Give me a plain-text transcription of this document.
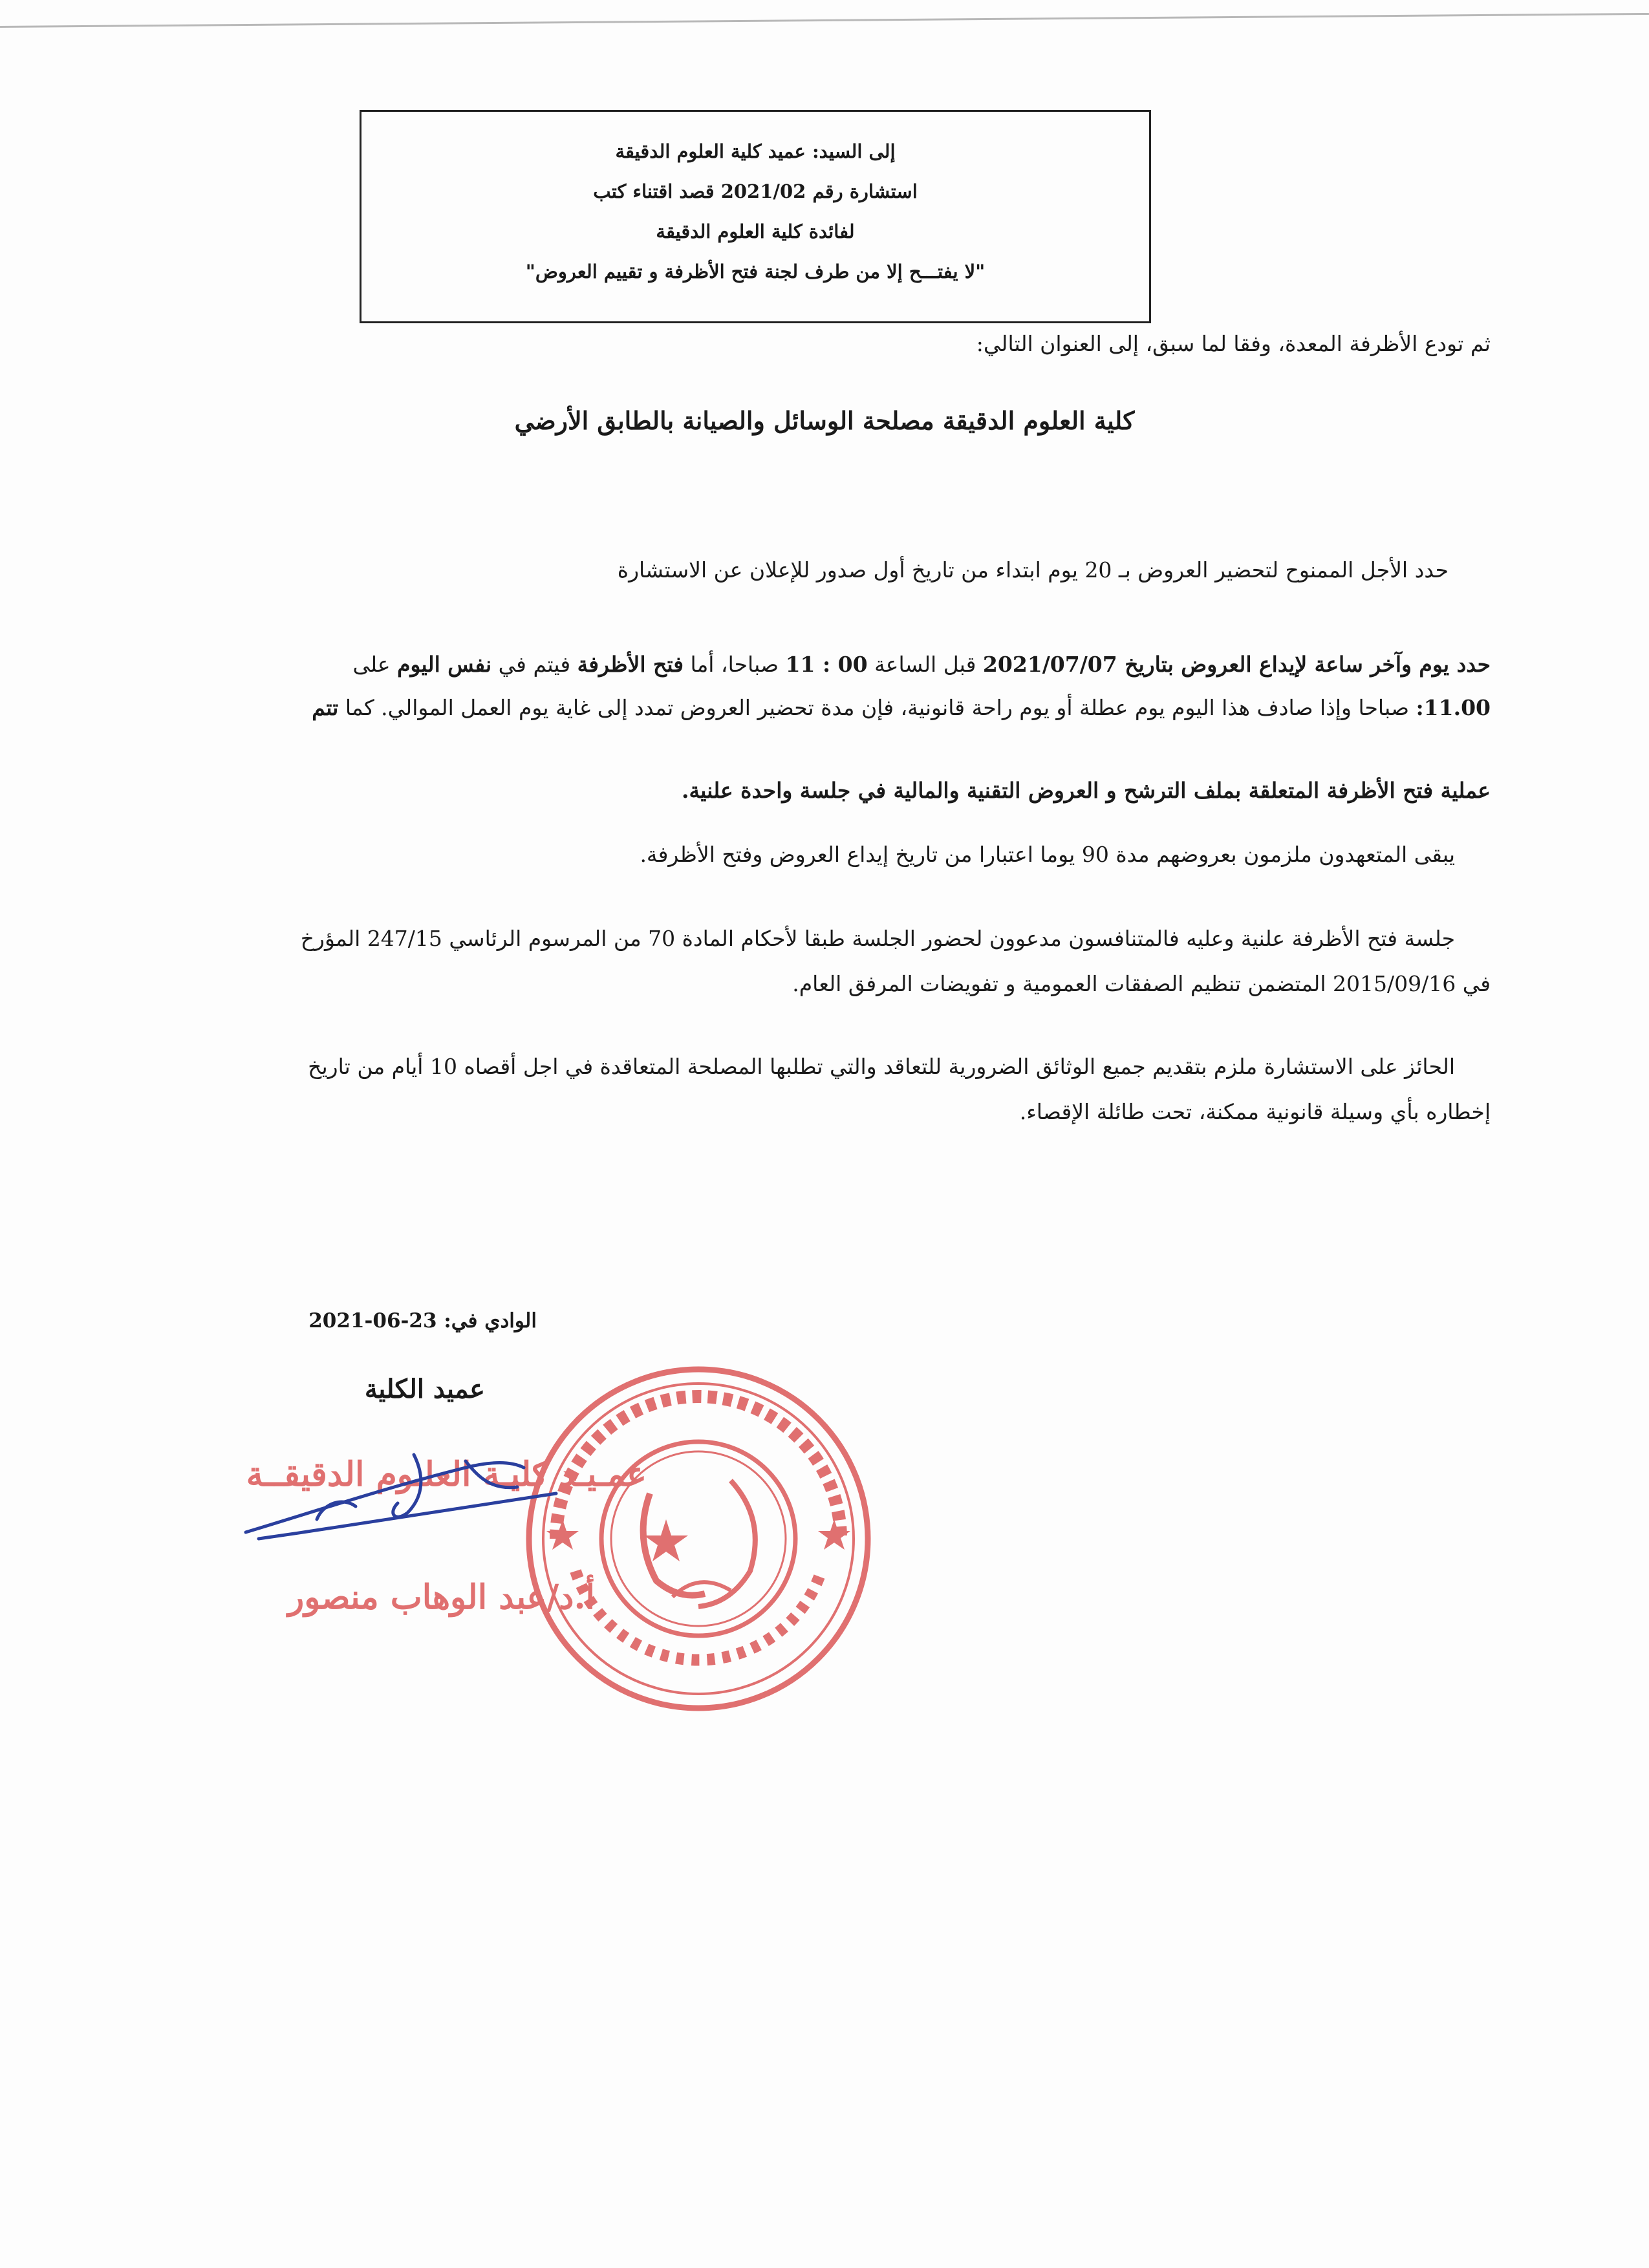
إلى السيد: عميد كلية العلوم الدقيقة
استشارة رقم 2021/02 قصد اقتناء كتب
لفائدة كلية العلوم الدقيقة
"لا يفتـــح إلا من طرف لجنة فتح الأظرفة و تقييم العروض"
ثم تودع الأظرفة المعدة، وفقا لما سبق، إلى العنوان التالي:
كلية العلوم الدقيقة مصلحة الوسائل والصيانة بالطابق الأرضي
حدد الأجل الممنوح لتحضير العروض بـ 20 يوم ابتداء من تاريخ أول صدور للإعلان عن الاستشارة
حدد يوم وآخر ساعة لإيداع العروض بتاريخ 2021/07/07 قبل الساعة 00 : 11 صباحا، أما فتح الأظرفة فيتم في نفس اليوم على
11.00: صباحا وإذا صادف هذا اليوم يوم عطلة أو يوم راحة قانونية، فإن مدة تحضير العروض تمدد إلى غاية يوم العمل الموالي. كما تتم
عملية فتح الأظرفة المتعلقة بملف الترشح و العروض التقنية والمالية في جلسة واحدة علنية.
يبقى المتعهدون ملزمون بعروضهم مدة 90 يوما اعتبارا من تاريخ إيداع العروض وفتح الأظرفة.
جلسة فتح الأظرفة علنية وعليه فالمتنافسون مدعوون لحضور الجلسة طبقا لأحكام المادة 70 من المرسوم الرئاسي 247/15 المؤرخ
في 2015/09/16 المتضمن تنظيم الصفقات العمومية و تفويضات المرفق العام.
الحائز على الاستشارة ملزم بتقديم جميع الوثائق الضرورية للتعاقد والتي تطلبها المصلحة المتعاقدة في اجل أقصاه 10 أيام من تاريخ
إخطاره بأي وسيلة قانونية ممكنة، تحت طائلة الإقصاء.
الوادي في: 23-06-2021
عميد الكلية
عمـيـد كليـة العلـوم الدقيقــة
أ.د/عبد الوهاب منصور
